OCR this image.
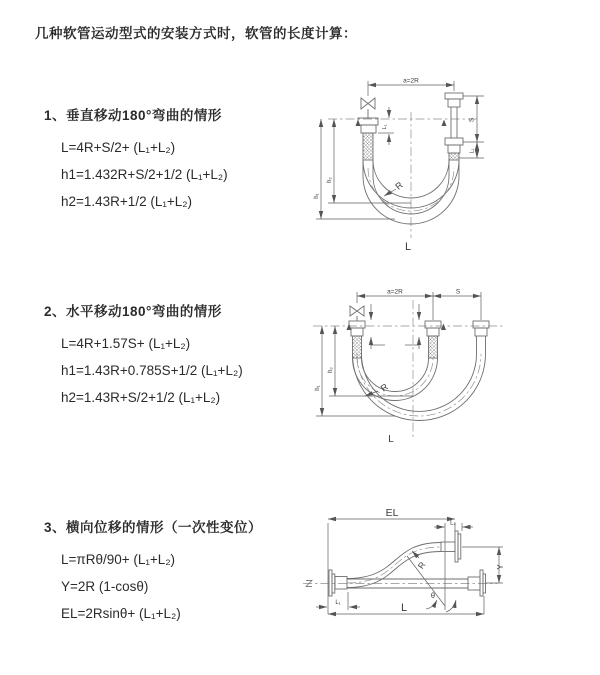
几种软管运动型式的安装方式时，软管的长度计算：
1、垂直移动180°弯曲的情形
L=4R+S/2+ (L₁+L₂)
h1=1.432R+S/2+1/2 (L₁+L₂)
h2=1.43R+1/2 (L₁+L₂)
2、水平移动180°弯曲的情形
L=4R+1.57S+ (L₁+L₂)
h1=1.43R+0.785S+1/2 (L₁+L₂)
h2=1.43R+S/2+1/2 (L₁+L₂)
3、横向位移的情形（一次性变位）
L=πRθ/90+ (L₁+L₂)
Y=2R (1-cosθ)
EL=2Rsinθ+ (L₁+L₂)
a=2R
h₁
h₂
L₁
S
L₁
R
L
a=2R	S
h₁
h₂
R
L
EL
L₂
θ
R	Y
L₁	L
